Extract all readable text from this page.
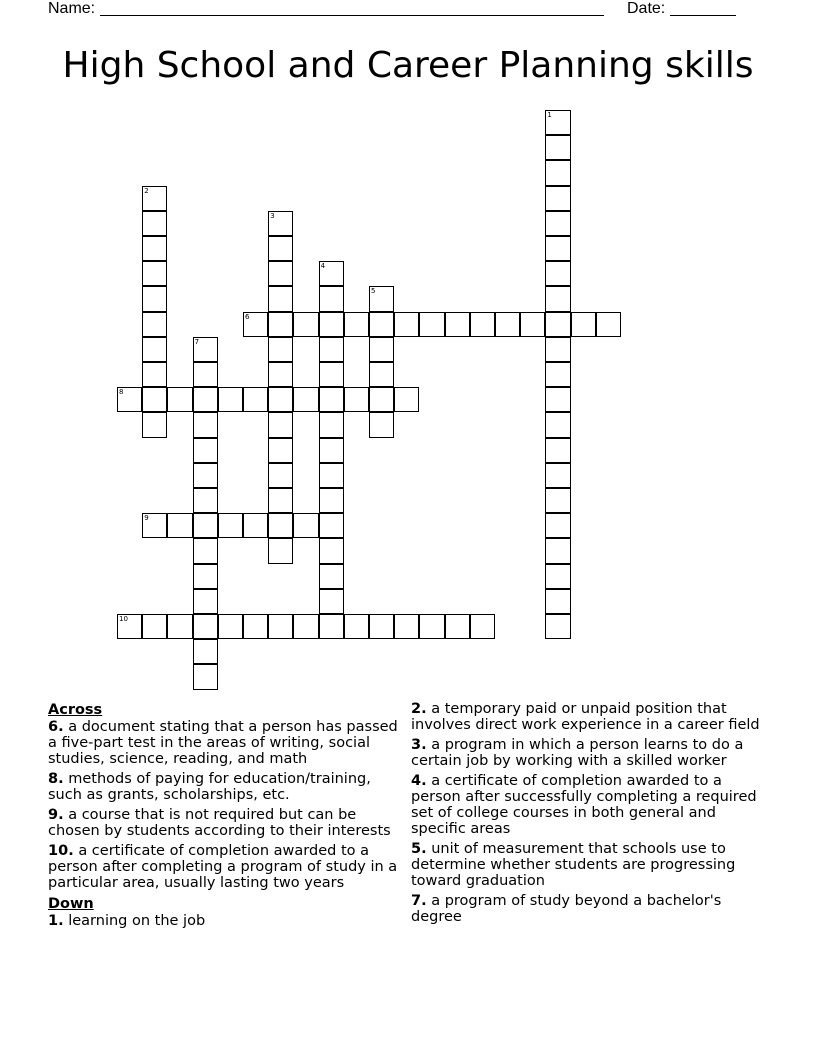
Name:	Date:
High School and Career Planning skills
1
2
3
4
5
6
7
8
9
10
Across

6 . a document stating that a person has passed a five-part test in the areas of writing, social studies, science, reading, and math

8 . methods of paying for education/training, such as grants, scholarships, etc.

9 . a course that is not required but can be chosen by students according to their interests

10 . a certificate of completion awarded to a person after completing a program of study in a particular area, usually lasting two years

Down

1 . learning on the job

2 . a temporary paid or unpaid position that involves direct work experience in a career field

3 . a program in which a person learns to do a certain job by working with a skilled worker

4 . a certificate of completion awarded to a person after successfully completing a required set of college courses in both general and specific areas

5 . unit of measurement that schools use to determine whether students are progressing toward graduation

7 . a program of study beyond a bachelor's degree
